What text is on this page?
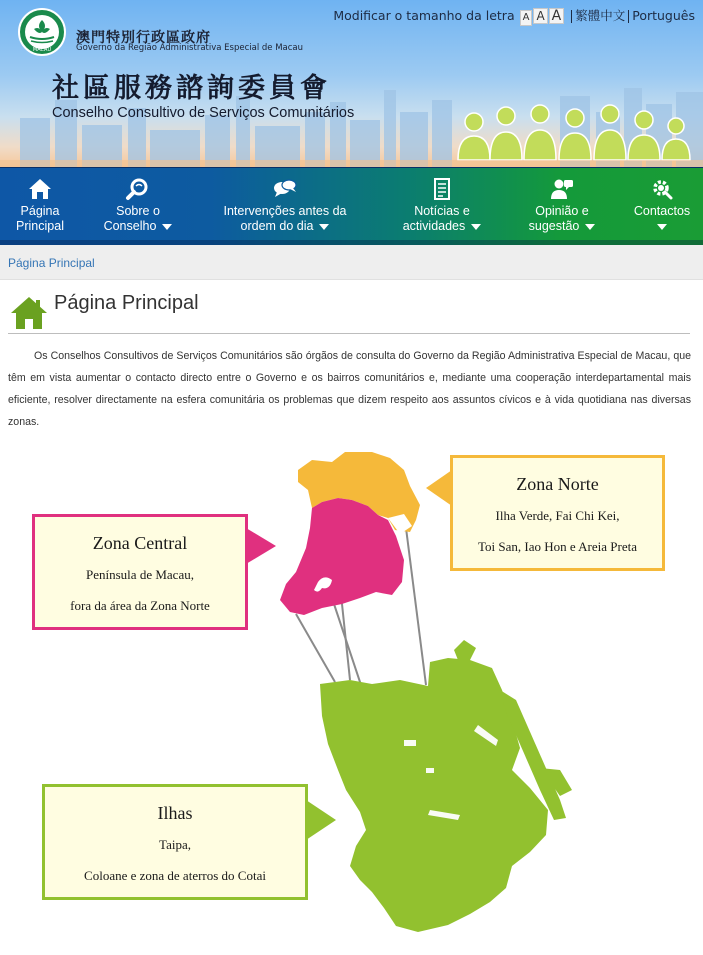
Modificar o tamanho da letra A A A 繁體中文 Português
MACAU
澳門特別行政區政府
Governo da Região Administrativa Especial de Macau
社區服務諮詢委員會
Conselho Consultivo de Serviços Comunitários
Página
Principal
Sobre o
Conselho
Intervenções antes da
ordem do dia
Notícias e
actividades
Opinião e
sugestão
Contactos
Página Principal
Página Principal

Os Conselhos Consultivos de Serviços Comunitários são órgãos de consulta do Governo da Região Administrativa Especial de Macau, que têm em vista aumentar o contacto directo entre o Governo e os bairros comunitários e, mediante uma cooperação interdepartamental mais eficiente, resolver directamente na esfera comunitária os problemas que dizem respeito aos assuntos cívicos e à vida quotidiana nas diversas zonas.

Zona Norte
Ilha Verde, Fai Chi Kei,
Toi San, Iao Hon e Areia Preta
Zona Central
Península de Macau,
fora da área da Zona Norte
Ilhas
Taipa,
Coloane e zona de aterros do Cotai
